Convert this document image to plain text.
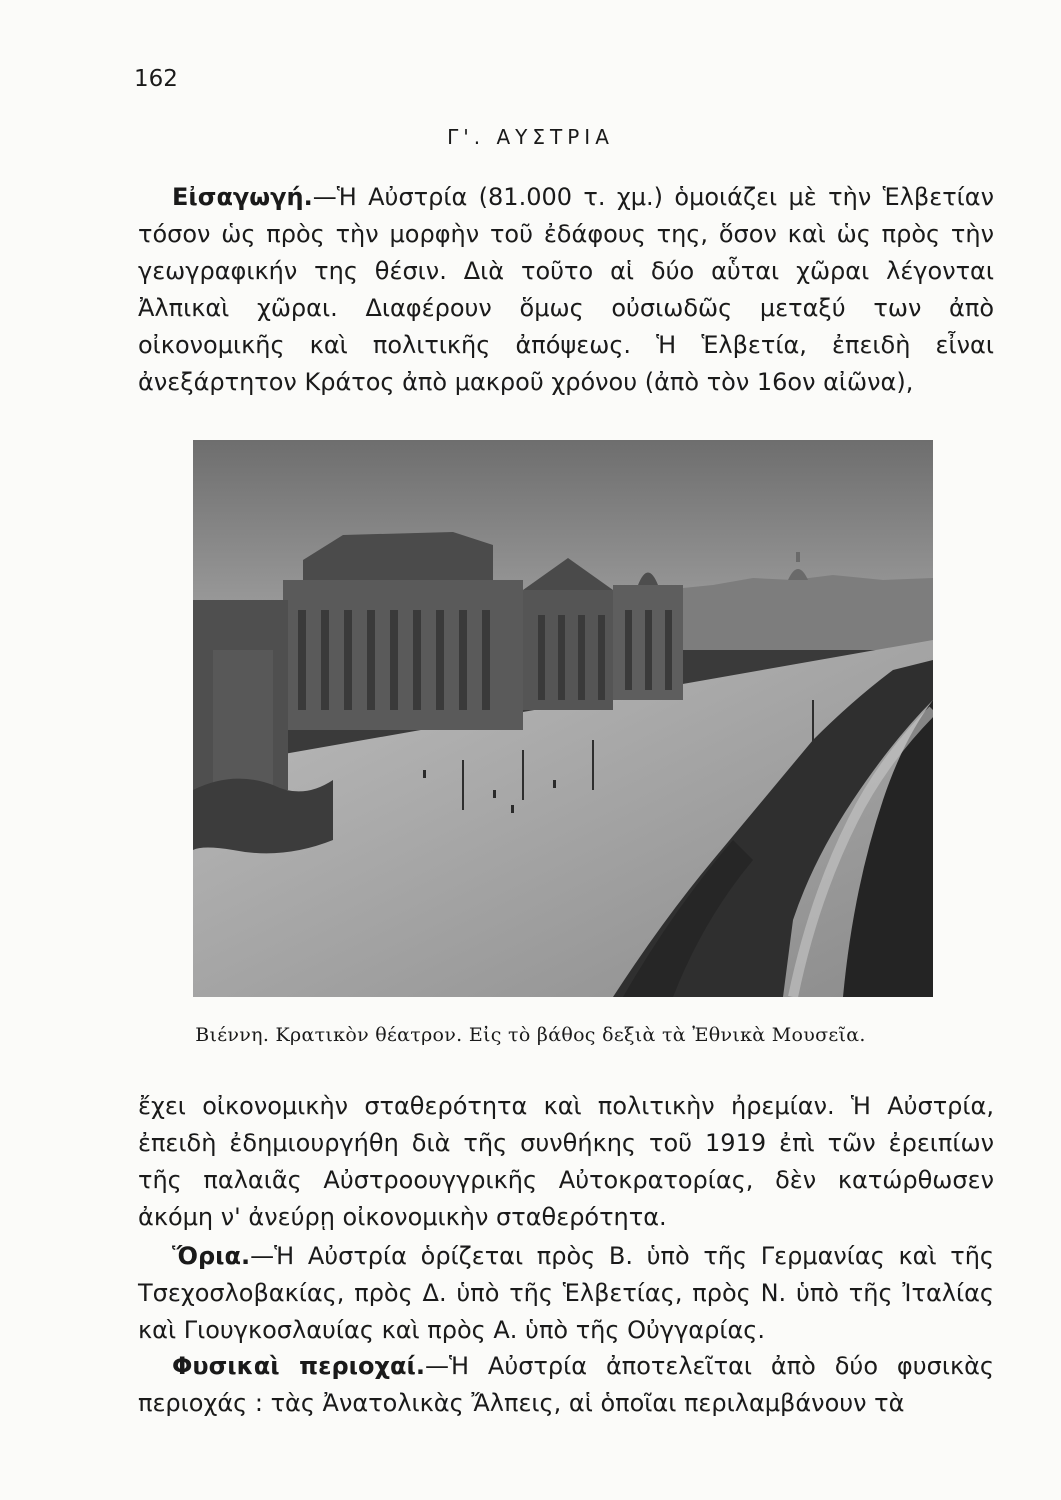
162
Γ'. ΑΥΣΤΡΙΑ

Εἰσαγωγή.—Ἡ Αὐστρία (81.000 τ. χμ.) ὁμοιάζει μὲ τὴν Ἑλβετίαν τόσον ὡς πρὸς τὴν μορφὴν τοῦ ἐδάφους της, ὅσον καὶ ὡς πρὸς τὴν γεωγραφικήν της θέσιν. Διὰ τοῦτο αἱ δύο αὗται χῶραι λέγονται Ἀλπικαὶ χῶραι. Διαφέρουν ὅμως οὐσιωδῶς μεταξύ των ἀπὸ οἰκονομικῆς καὶ πολιτικῆς ἀπόψεως. Ἡ Ἑλβετία, ἐπειδὴ εἶναι ἀνεξάρτητον Κράτος ἀπὸ μακροῦ χρόνου (ἀπὸ τὸν 16ον αἰῶνα),

Βιέννη. Κρατικὸν θέατρον. Εἰς τὸ βάθος δεξιὰ τὰ Ἐθνικὰ Μουσεῖα.

ἔχει οἰκονομικὴν σταθερότητα καὶ πολιτικὴν ἠρεμίαν. Ἡ Αὐστρία, ἐπειδὴ ἐδημιουργήθη διὰ τῆς συνθήκης τοῦ 1919 ἐπὶ τῶν ἐρειπίων τῆς παλαιᾶς Αὐστροουγγρικῆς Αὐτοκρατορίας, δὲν κατώρθωσεν ἀκόμη ν' ἀνεύρῃ οἰκονομικὴν σταθερότητα.

Ὅρια.—Ἡ Αὐστρία ὁρίζεται πρὸς Β. ὑπὸ τῆς Γερμανίας καὶ τῆς Τσεχοσλοβακίας, πρὸς Δ. ὑπὸ τῆς Ἑλβετίας, πρὸς Ν. ὑπὸ τῆς Ἰταλίας καὶ Γιουγκοσλαυίας καὶ πρὸς Α. ὑπὸ τῆς Οὐγγαρίας.

Φυσικαὶ περιοχαί.—Ἡ Αὐστρία ἀποτελεῖται ἀπὸ δύο φυσικὰς περιοχάς : τὰς Ἀνατολικὰς Ἄλπεις, αἱ ὁποῖαι περιλαμβάνουν τὰ
